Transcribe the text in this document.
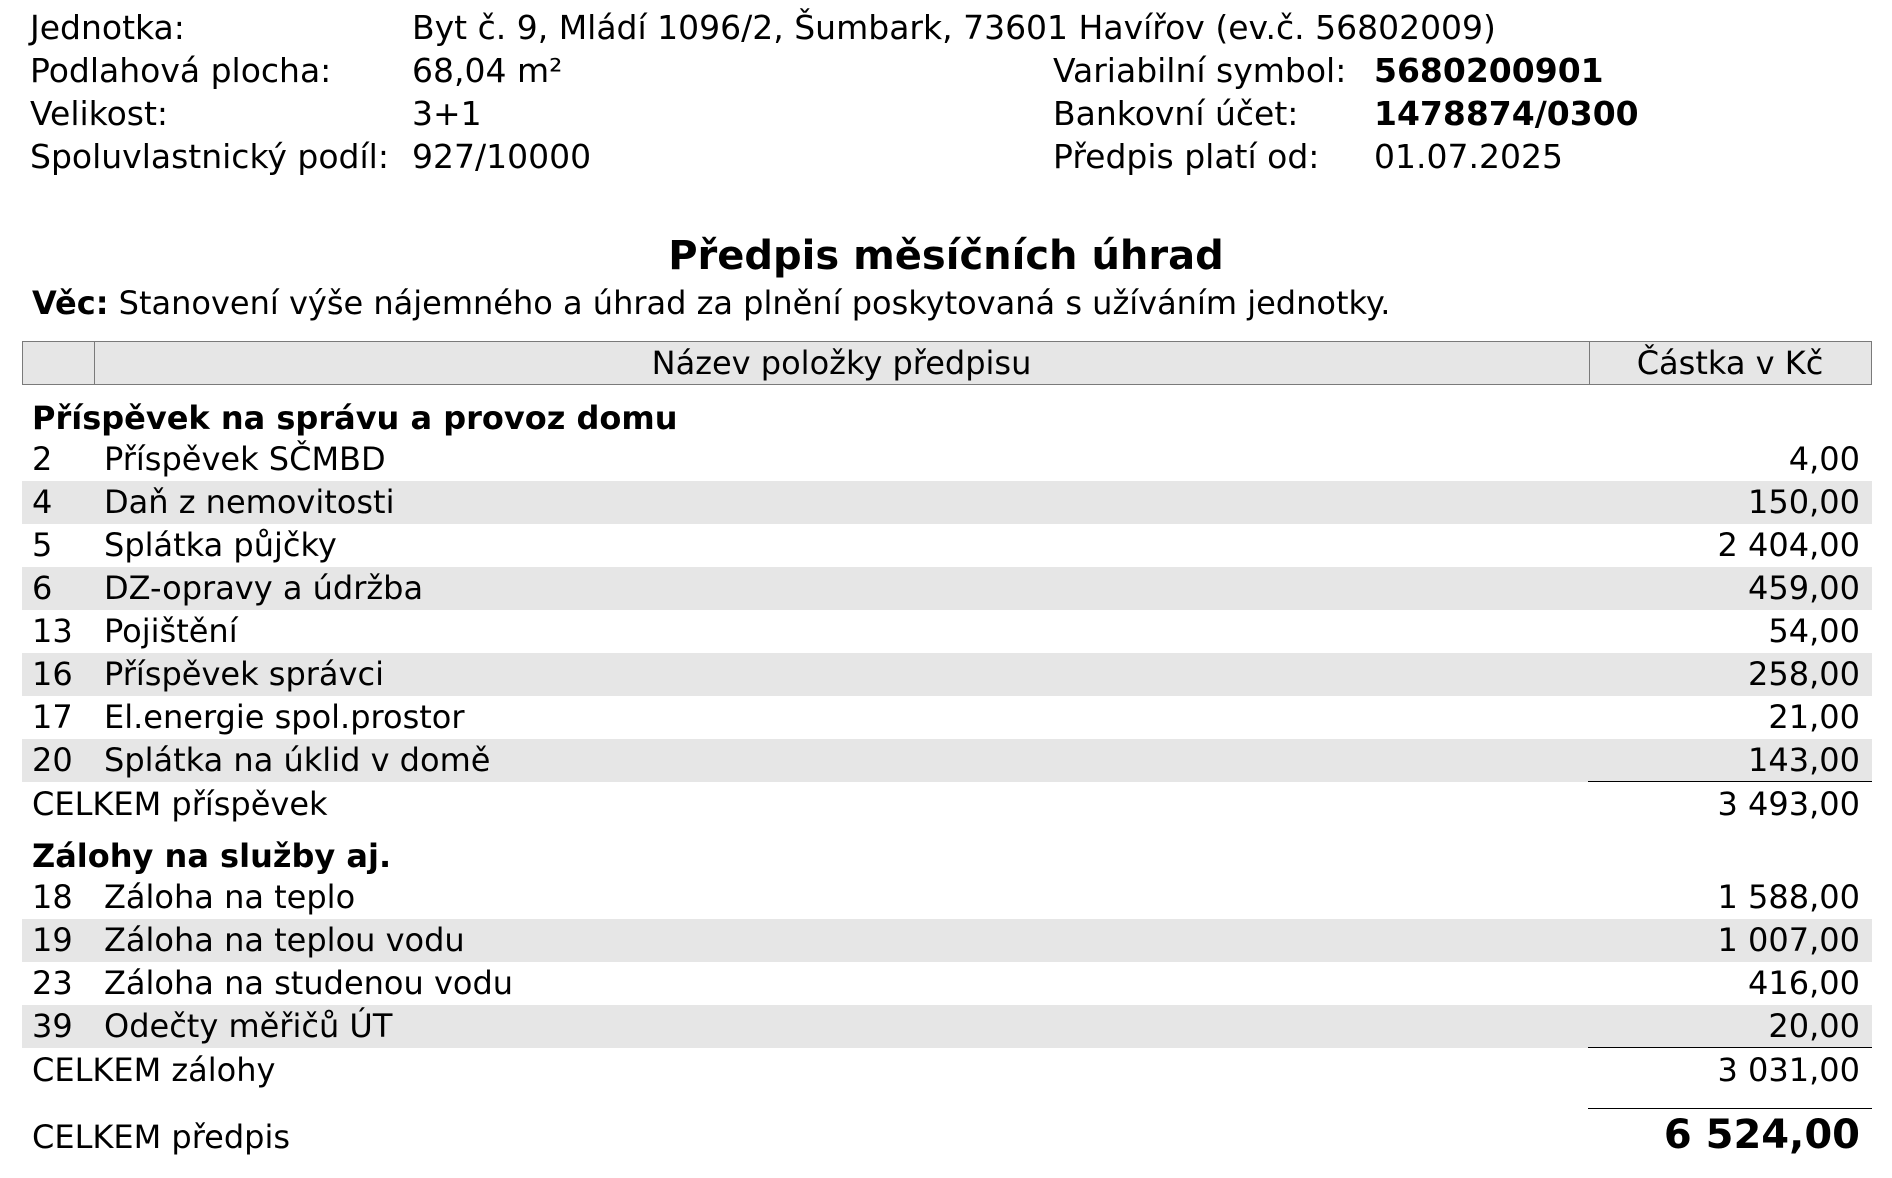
Jednotka:	Byt č. 9, Mládí 1096/2, Šumbark, 73601 Havířov (ev.č. 56802009)
Podlahová plocha: 68,04 m²	Variabilní symbol: 5680200901
Velikost:	3+1	Bankovní účet: 1478874/0300
Spoluvlastnický podíl: 927/10000	Předpis platí od: 01.07.2025
Předpis měsíčních úhrad
Věc: Stanovení výše nájemného a úhrad za plnění poskytovaná s užíváním jednotky.
Název položky předpisu	Částka v Kč
Příspěvek na správu a provoz domu
2 Příspěvek SČMBD	4,00
4 Daň z nemovitosti	150,00
5 Splátka půjčky	2 404,00
6 DZ-opravy a údržba	459,00
13 Pojištění	54,00
16 Příspěvek správci	258,00
17 El.energie spol.prostor	21,00
20 Splátka na úklid v domě	143,00
CELKEM příspěvek	3 493,00
Zálohy na služby aj.
18 Záloha na teplo	1 588,00
19 Záloha na teplou vodu	1 007,00
23 Záloha na studenou vodu	416,00
39 Odečty měřičů ÚT	20,00
CELKEM zálohy	3 031,00
CELKEM předpis	6 524,00
